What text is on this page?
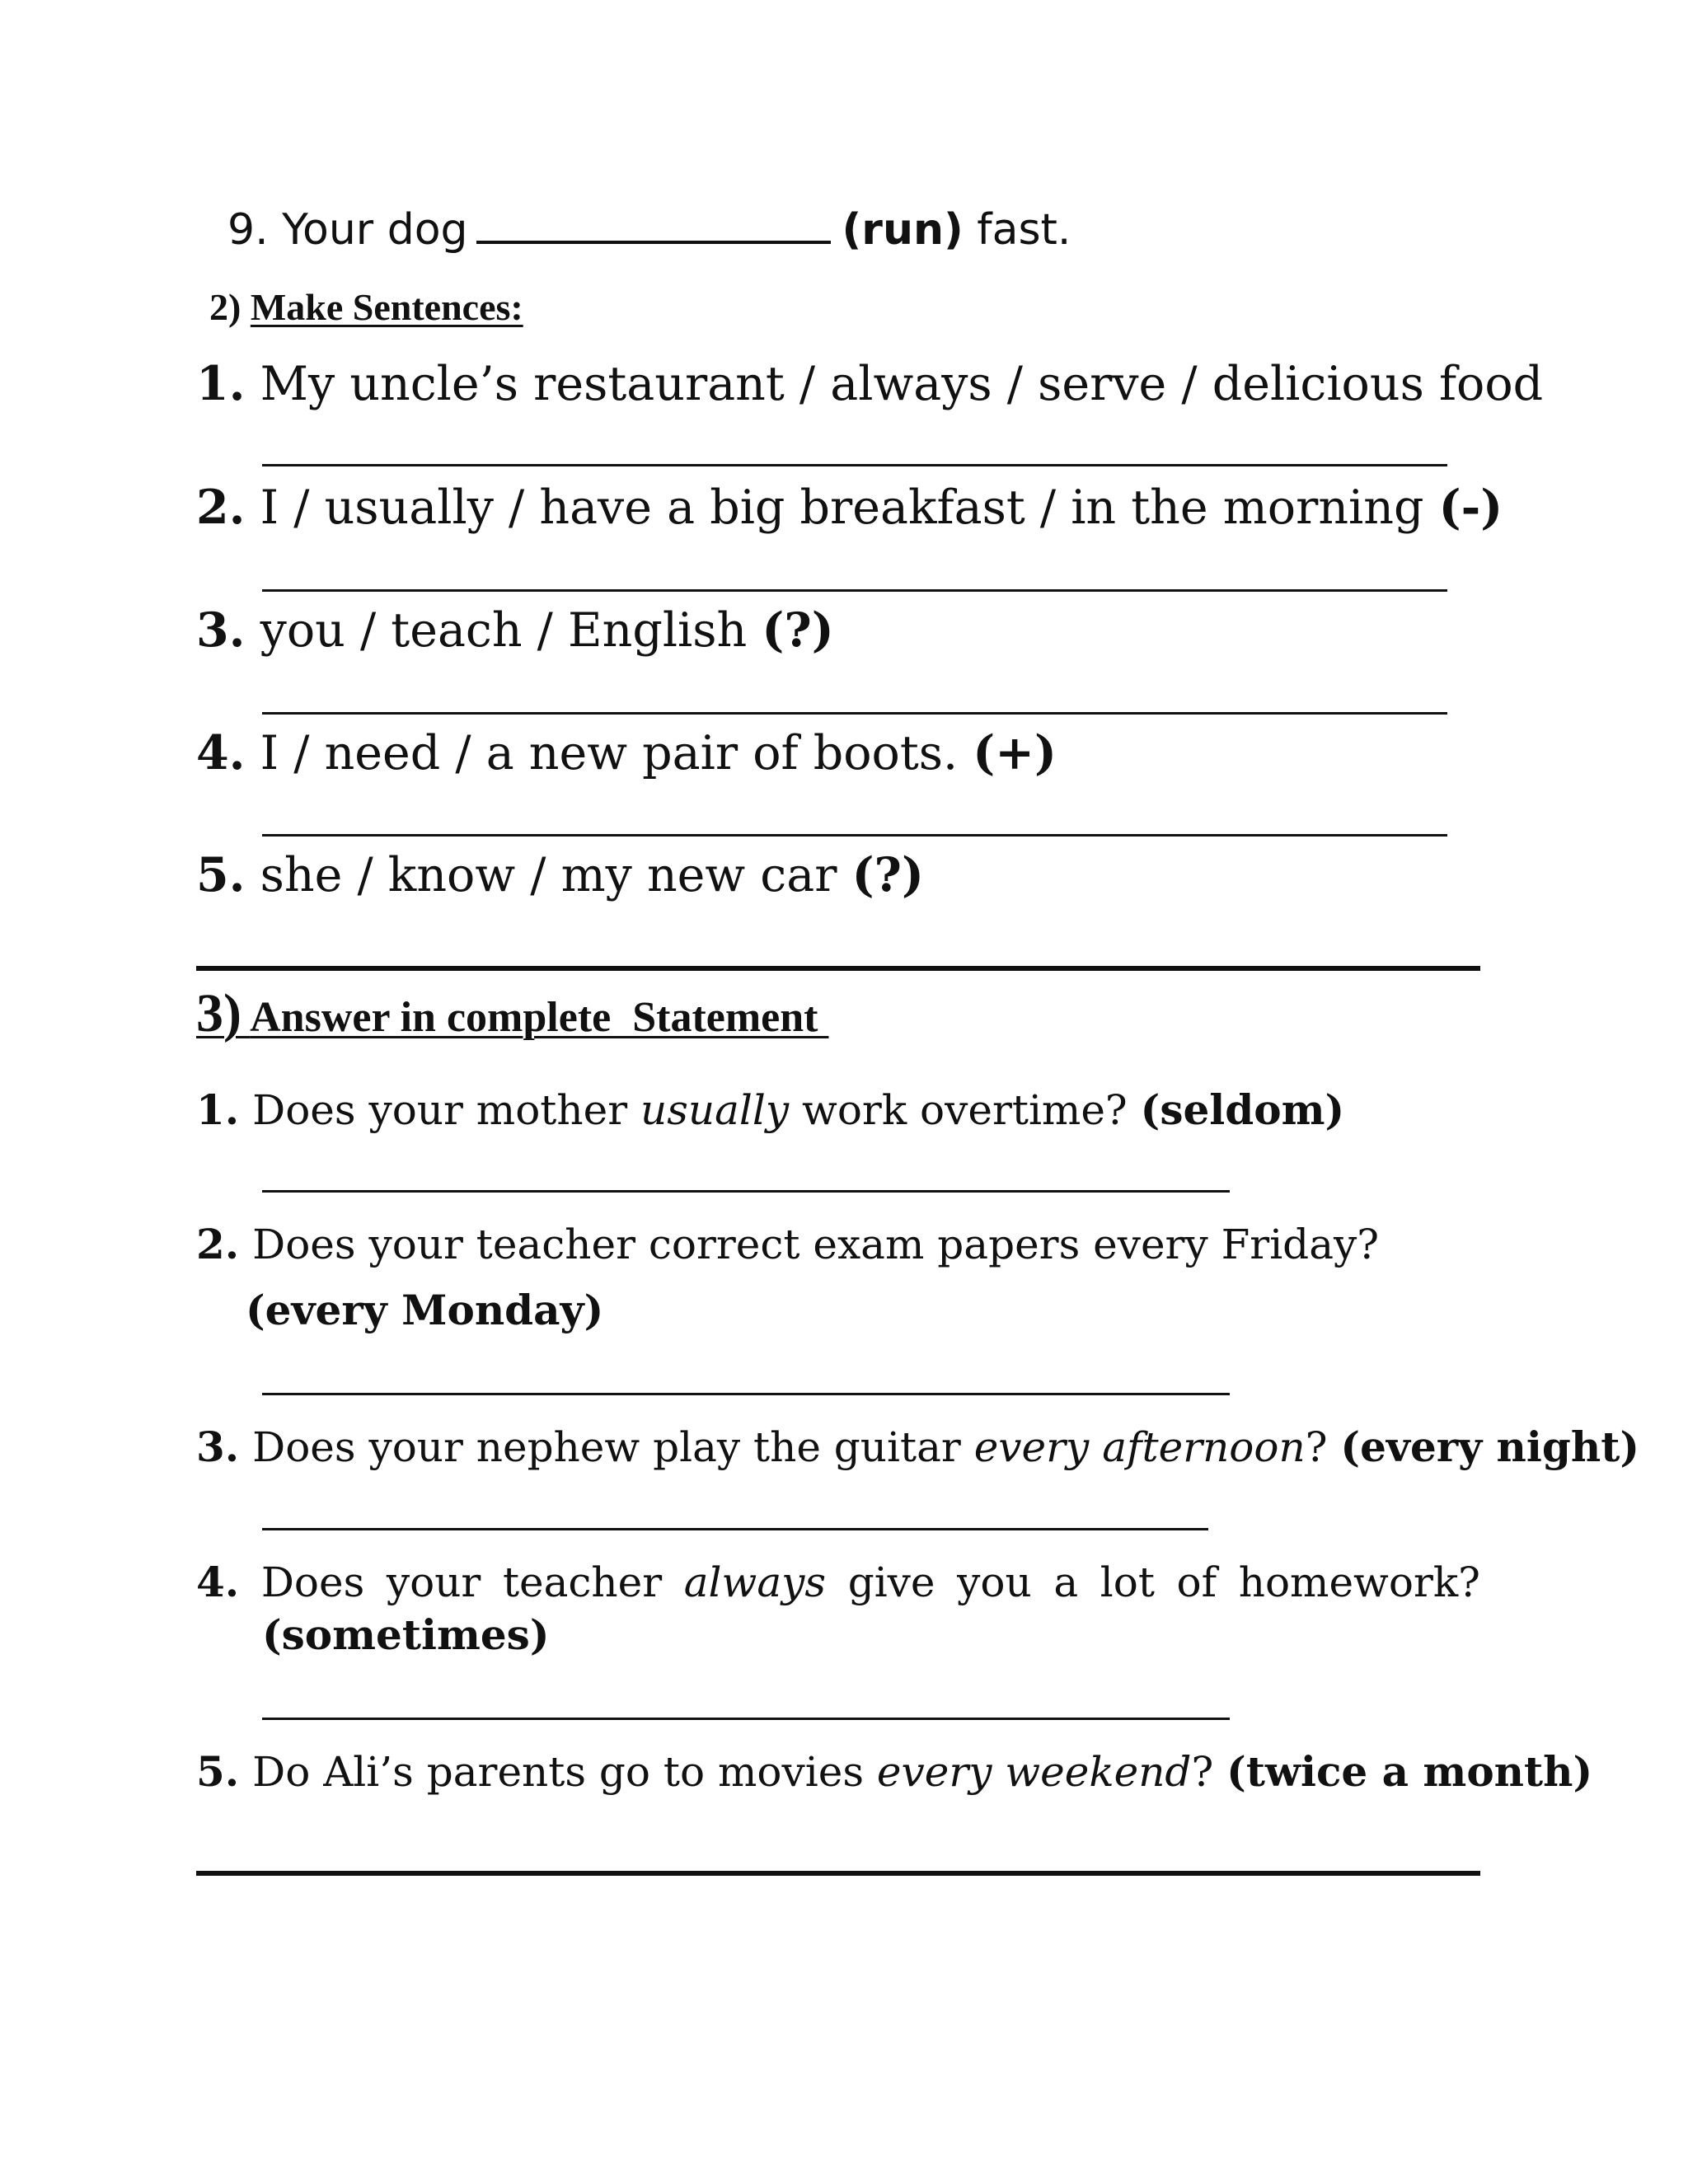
9. Your dog	(run) fast.
2) Make Sentences:
1. My uncle’s restaurant / always / serve / delicious food
2. I / usually / have a big breakfast / in the morning (-)
3. you / teach / English (?)
4. I / need / a new pair of boots. (+)
5. she / know / my new car (?)
3) Answer in complete  Statement
1. Does your mother usually work overtime? (seldom)
2. Does your teacher correct exam papers every Friday?
(every Monday)
3. Does your nephew play the guitar every afternoon? (every night)
4. Does your teacher always give you a lot of homework?
(sometimes)
5. Do Ali’s parents go to movies every weekend? (twice a month)
